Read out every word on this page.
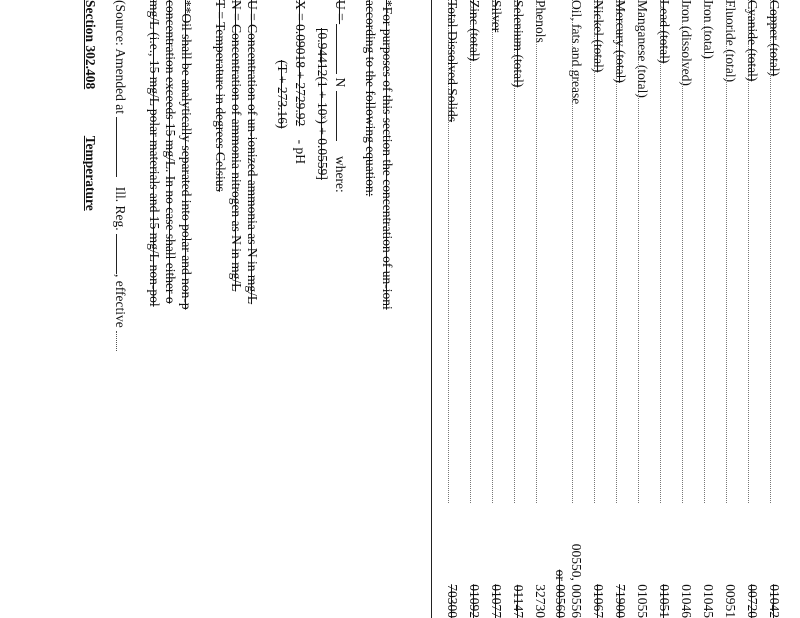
Copper (total)
01042
Cyanide (total)
00720
Fluoride (total)
00951
Iron (total)
01045
Iron (dissolved)
01046
Lead (total)
01051
Manganese (total)
01055
Mercury (total)
71900
Nickel (total)
01067
Oil, fats and grease
00550, 00556
or 00560
Phenols
32730
Selenium (total)
01147
Silver
01077
Zinc (total)
01092
Total Dissolved Solids
70300
*For purposes of this section the concentration of un-ioni
according to the following equation:
U =  N  where:
[0.94412(1 + 10ˣ) + 0.0559]
X = 0.09018 + 2729.92 - pH
(T + 273.16)
U = Concentration of un-ionized ammonia as N in mg/L
N = Concentration of ammonia nitrogen as N in mg/L
T = Temperature in degrees Celsius
**Oil shall be analytically separated into polar and non-p
concentration exceeds 15 mg/L. In no case shall either o
mg/L (i.e., 15 mg/L polar materials and 15 mg/L non-pol
(Source: Amended at  Ill. Reg. , effective
Section 302.408  Temperature
